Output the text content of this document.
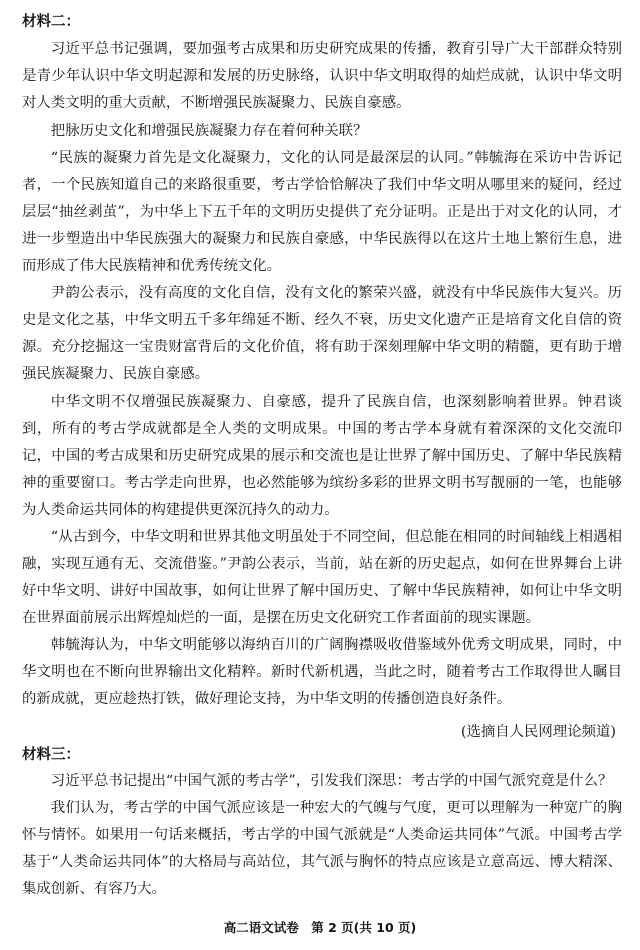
材料二：

习近平总书记强调，要加强考古成果和历史研究成果的传播，教育引导广大干部群众特别是青少年认识中华文明起源和发展的历史脉络，认识中华文明取得的灿烂成就，认识中华文明对人类文明的重大贡献，不断增强民族凝聚力、民族自豪感。

把脉历史文化和增强民族凝聚力存在着何种关联？

“民族的凝聚力首先是文化凝聚力，文化的认同是最深层的认同。”韩毓海在采访中告诉记者，一个民族知道自己的来路很重要，考古学恰恰解决了我们中华文明从哪里来的疑问，经过层层“抽丝剥茧”，为中华上下五千年的文明历史提供了充分证明。正是出于对文化的认同，才进一步塑造出中华民族强大的凝聚力和民族自豪感，中华民族得以在这片土地上繁衍生息，进而形成了伟大民族精神和优秀传统文化。

尹韵公表示，没有高度的文化自信，没有文化的繁荣兴盛，就没有中华民族伟大复兴。历史是文化之基，中华文明五千多年绵延不断、经久不衰，历史文化遗产正是培育文化自信的资源。充分挖掘这一宝贵财富背后的文化价值，将有助于深刻理解中华文明的精髓，更有助于增强民族凝聚力、民族自豪感。

中华文明不仅增强民族凝聚力、自豪感，提升了民族自信，也深刻影响着世界。钟君谈到，所有的考古学成就都是全人类的文明成果。中国的考古学本身就有着深深的文化交流印记，中国的考古成果和历史研究成果的展示和交流也是让世界了解中国历史、了解中华民族精神的重要窗口。考古学走向世界，也必然能够为缤纷多彩的世界文明书写靓丽的一笔，也能够为人类命运共同体的构建提供更深沉持久的动力。

“从古到今，中华文明和世界其他文明虽处于不同空间，但总能在相同的时间轴线上相遇相融，实现互通有无、交流借鉴。”尹韵公表示，当前，站在新的历史起点，如何在世界舞台上讲好中华文明、讲好中国故事，如何让世界了解中国历史、了解中华民族精神，如何让中华文明在世界面前展示出辉煌灿烂的一面，是摆在历史文化研究工作者面前的现实课题。

韩毓海认为，中华文明能够以海纳百川的广阔胸襟吸收借鉴域外优秀文明成果，同时，中华文明也在不断向世界输出文化精粹。新时代新机遇，当此之时，随着考古工作取得世人瞩目的新成就，更应趁热打铁，做好理论支持，为中华文明的传播创造良好条件。

(选摘自人民网理论频道)
材料三：

习近平总书记提出“中国气派的考古学”，引发我们深思：考古学的中国气派究竟是什么？

我们认为，考古学的中国气派应该是一种宏大的气魄与气度，更可以理解为一种宽广的胸怀与情怀。如果用一句话来概括，考古学的中国气派就是“人类命运共同体”气派。中国考古学基于“人类命运共同体”的大格局与高站位，其气派与胸怀的特点应该是立意高远、博大精深、集成创新、有容乃大。

高二语文试卷　第 2 页(共 10 页)
